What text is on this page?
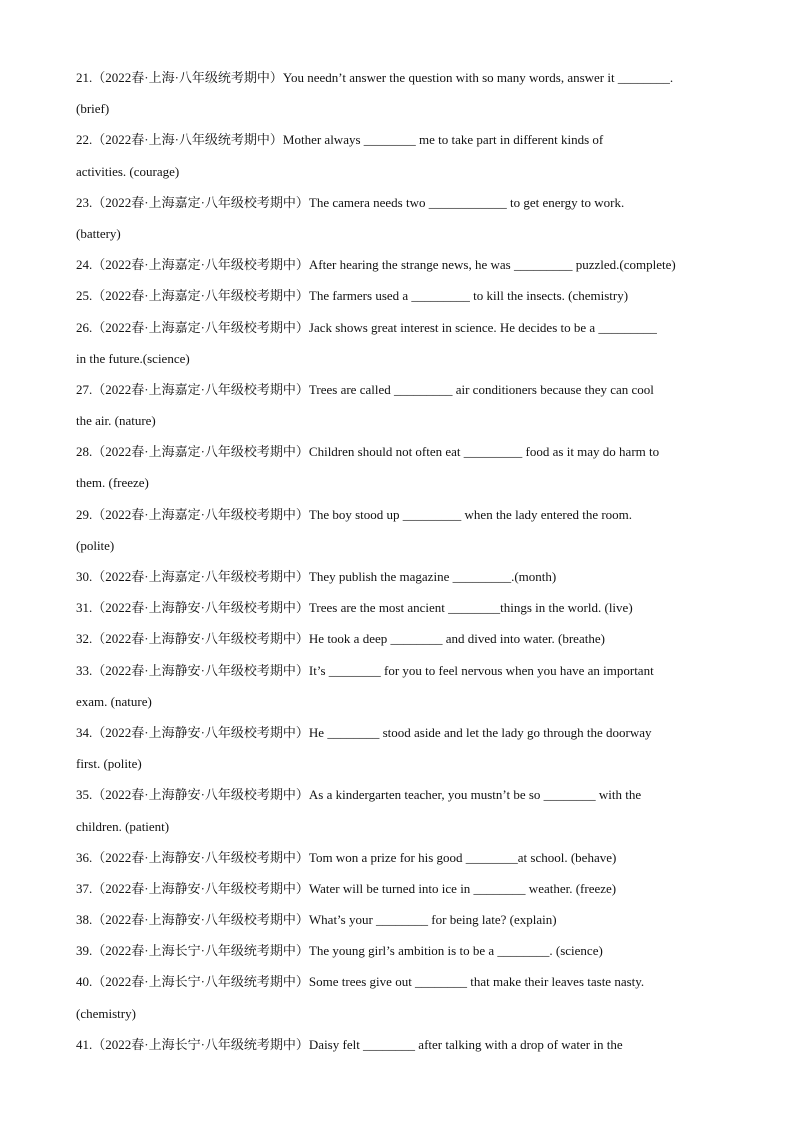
21.（2022春·上海·八年级统考期中）You needn’t answer the question with so many words, answer it ________.
(brief)
22.（2022春·上海·八年级统考期中）Mother always ________ me to take part in different kinds of
activities. (courage)
23.（2022春·上海嘉定·八年级校考期中）The camera needs two ____________ to get energy to work.
(battery)
24.（2022春·上海嘉定·八年级校考期中）After hearing the strange news, he was _________ puzzled.(complete)
25.（2022春·上海嘉定·八年级校考期中）The farmers used a _________ to kill the insects. (chemistry)
26.（2022春·上海嘉定·八年级校考期中）Jack shows great interest in science. He decides to be a _________
in the future.(science)
27.（2022春·上海嘉定·八年级校考期中）Trees are called _________ air conditioners because they can cool
the air. (nature)
28.（2022春·上海嘉定·八年级校考期中）Children should not often eat _________ food as it may do harm to
them. (freeze)
29.（2022春·上海嘉定·八年级校考期中）The boy stood up _________ when the lady entered the room.
(polite)
30.（2022春·上海嘉定·八年级校考期中）They publish the magazine _________.(month)
31.（2022春·上海静安·八年级校考期中）Trees are the most ancient ________things in the world. (live)
32.（2022春·上海静安·八年级校考期中）He took a deep ________ and dived into water. (breathe)
33.（2022春·上海静安·八年级校考期中）It’s ________ for you to feel nervous when you have an important
exam. (nature)
34.（2022春·上海静安·八年级校考期中）He ________ stood aside and let the lady go through the doorway
first. (polite)
35.（2022春·上海静安·八年级校考期中）As a kindergarten teacher, you mustn’t be so ________ with the
children. (patient)
36.（2022春·上海静安·八年级校考期中）Tom won a prize for his good ________at school. (behave)
37.（2022春·上海静安·八年级校考期中）Water will be turned into ice in ________ weather. (freeze)
38.（2022春·上海静安·八年级校考期中）What’s your ________ for being late? (explain)
39.（2022春·上海长宁·八年级统考期中）The young girl’s ambition is to be a ________. (science)
40.（2022春·上海长宁·八年级统考期中）Some trees give out ________ that make their leaves taste nasty.
(chemistry)
41.（2022春·上海长宁·八年级统考期中）Daisy felt ________ after talking with a drop of water in the
